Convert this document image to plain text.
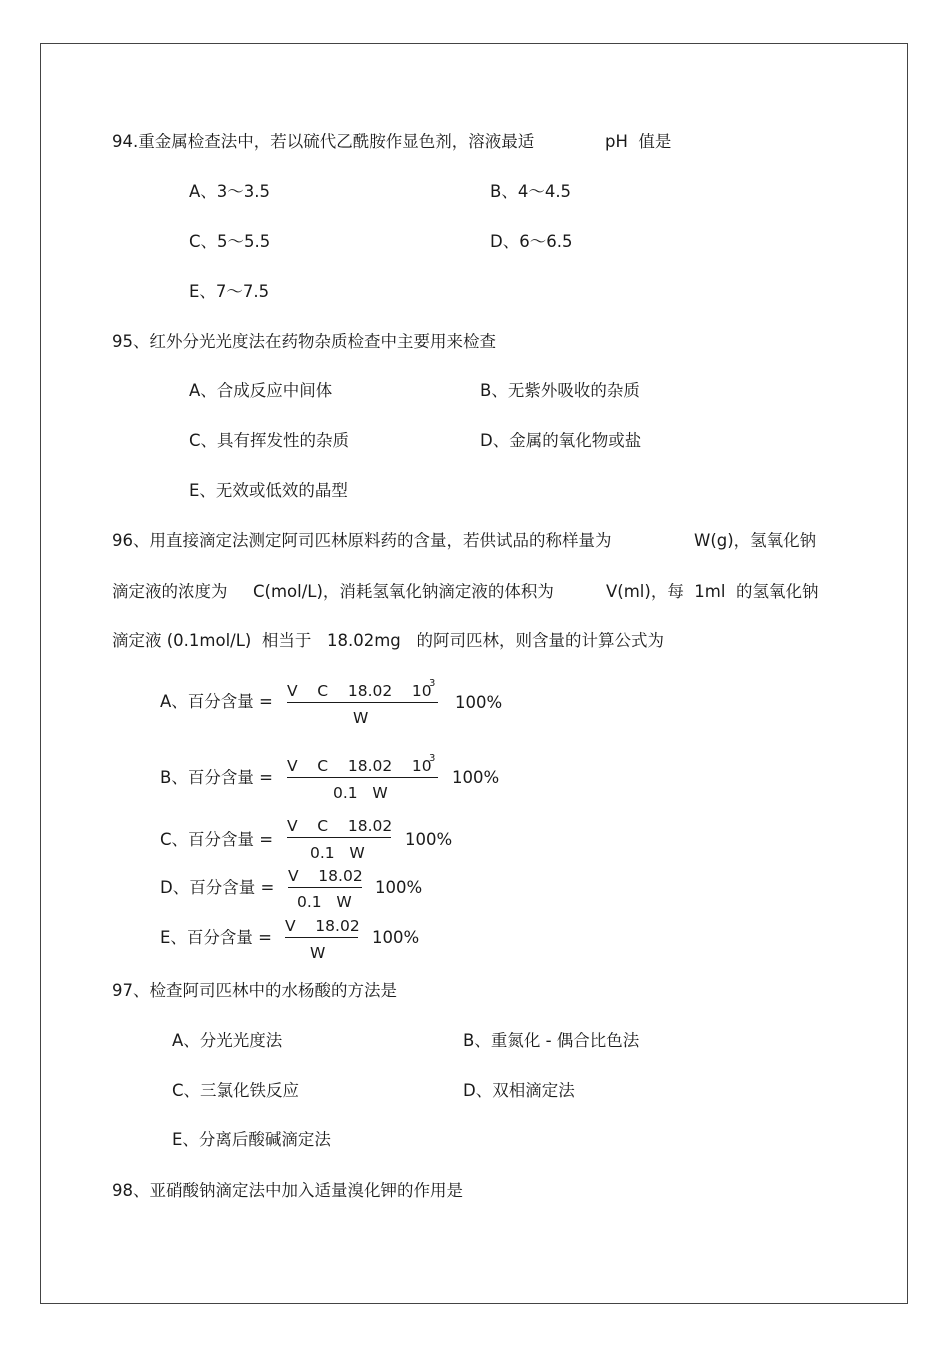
94.重金属检查法中，若以硫代乙酰胺作显色剂，溶液最适	pH  值是
A、3～3.5	B、4～4.5
C、5～5.5	D、6～6.5
E、7～7.5
95、红外分光光度法在药物杂质检查中主要用来检查
A、合成反应中间体	B、无紫外吸收的杂质
C、具有挥发性的杂质	D、金属的氧化物或盐
E、无效或低效的晶型
96、用直接滴定法测定阿司匹林原料药的含量，若供试品的称样量为	W(g)，氢氧化钠
滴定液的浓度为 C(mol/L)，消耗氢氧化钠滴定液的体积为	V(ml)，每  1ml  的氢氧化钠
滴定液 (0.1mol/L)  相当于 18.02mg   的阿司匹林，则含量的计算公式为
A、百分含量 =
V    C    18.02    10
3
W
100%
B、百分含量 =
V    C    18.02    10
3
0.1   W
100%
C、百分含量 =
V    C    18.02
0.1   W
100%
D、百分含量 =
V    18.02
0.1   W
100%
E、百分含量 =
V    18.02
W
100%
97、检查阿司匹林中的水杨酸的方法是
A、分光光度法	B、重氮化 - 偶合比色法
C、三氯化铁反应	D、双相滴定法
E、分离后酸碱滴定法
98、亚硝酸钠滴定法中加入适量溴化钾的作用是
